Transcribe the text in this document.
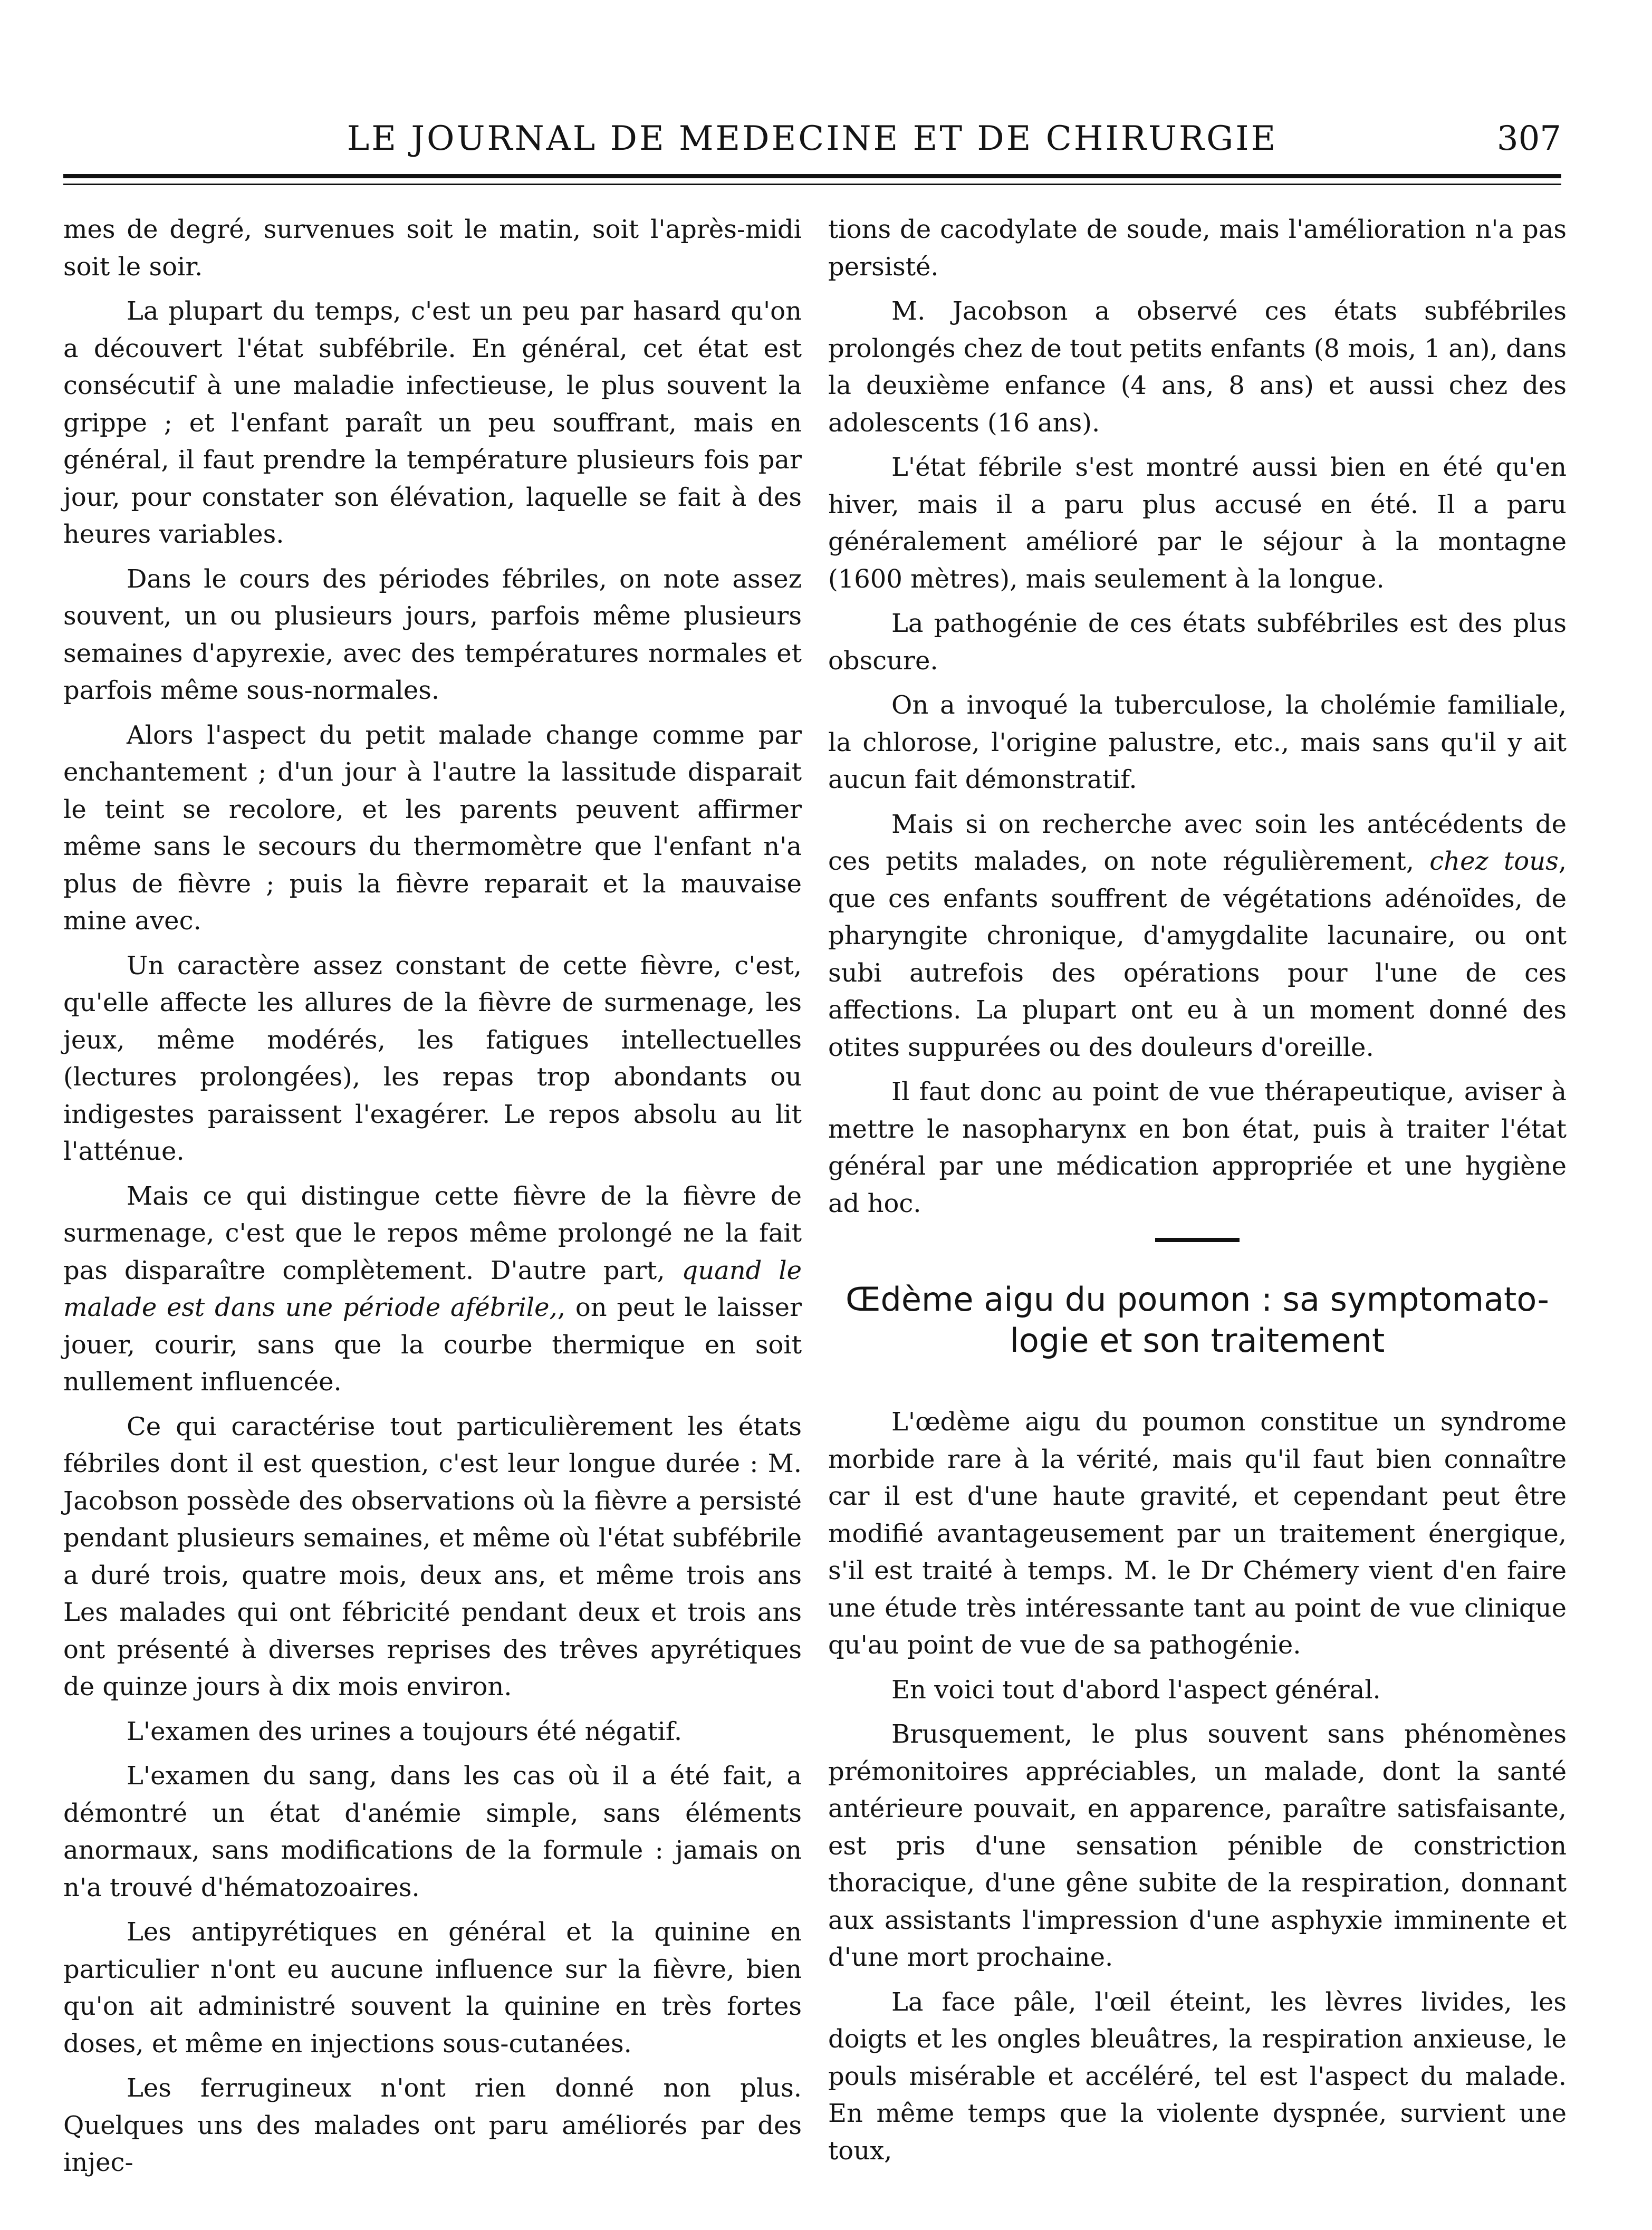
LE JOURNAL DE MEDECINE ET DE CHIRURGIE	307

mes de degré, survenues soit le matin, soit l'après-midi soit le soir.

La plupart du temps, c'est un peu par hasard qu'on a découvert l'état subfébrile. En général, cet état est consécutif à une maladie infectieuse, le plus souvent la grippe ; et l'enfant paraît un peu souffrant, mais en général, il faut prendre la température plusieurs fois par jour, pour constater son élévation, laquelle se fait à des heures variables.

Dans le cours des périodes fébriles, on note assez souvent, un ou plusieurs jours, parfois même plusieurs semaines d'apyrexie, avec des températures normales et parfois même sous-normales.

Alors l'aspect du petit malade change comme par enchantement ; d'un jour à l'autre la lassitude disparait le teint se recolore, et les parents peuvent affirmer même sans le secours du thermomètre que l'enfant n'a plus de fièvre ; puis la fièvre reparait et la mauvaise mine avec.

Un caractère assez constant de cette fièvre, c'est, qu'elle affecte les allures de la fièvre de surmenage, les jeux, même modérés, les fatigues intellectuelles (lectures prolongées), les repas trop abondants ou indigestes paraissent l'exagérer. Le repos absolu au lit l'atténue.

Mais ce qui distingue cette fièvre de la fièvre de surmenage, c'est que le repos même prolongé ne la fait pas disparaître complètement. D'autre part, quand le malade est dans une période afébrile,, on peut le laisser jouer, courir, sans que la courbe thermique en soit nullement influencée.

Ce qui caractérise tout particulièrement les états fébriles dont il est question, c'est leur longue durée : M. Jacobson possède des observations où la fièvre a persisté pendant plusieurs semaines, et même où l'état subfébrile a duré trois, quatre mois, deux ans, et même trois ans Les malades qui ont fébricité pendant deux et trois ans ont présenté à diverses reprises des trêves apyrétiques de quinze jours à dix mois environ.

L'examen des urines a toujours été négatif.

L'examen du sang, dans les cas où il a été fait, a démontré un état d'anémie simple, sans éléments anormaux, sans modifications de la formule : jamais on n'a trouvé d'hématozoaires.

Les antipyrétiques en général et la quinine en particulier n'ont eu aucune influence sur la fièvre, bien qu'on ait administré souvent la quinine en très fortes doses, et même en injections sous-cutanées.

Les ferrugineux n'ont rien donné non plus. Quelques uns des malades ont paru améliorés par des injec-

tions de cacodylate de soude, mais l'amélioration n'a pas persisté.

M. Jacobson a observé ces états subfébriles prolongés chez de tout petits enfants (8 mois, 1 an), dans la deuxième enfance (4 ans, 8 ans) et aussi chez des adolescents (16 ans).

L'état fébrile s'est montré aussi bien en été qu'en hiver, mais il a paru plus accusé en été. Il a paru généralement amélioré par le séjour à la montagne (1600 mètres), mais seulement à la longue.

La pathogénie de ces états subfébriles est des plus obscure.

On a invoqué la tuberculose, la cholémie familiale, la chlorose, l'origine palustre, etc., mais sans qu'il y ait aucun fait démonstratif.

Mais si on recherche avec soin les antécédents de ces petits malades, on note régulièrement, chez tous, que ces enfants souffrent de végétations adénoïdes, de pharyngite chronique, d'amygdalite lacunaire, ou ont subi autrefois des opérations pour l'une de ces affections. La plupart ont eu à un moment donné des otites suppurées ou des douleurs d'oreille.

Il faut donc au point de vue thérapeutique, aviser à mettre le nasopharynx en bon état, puis à traiter l'état général par une médication appropriée et une hygiène ad hoc.

Œdème aigu du poumon : sa symptomato-
logie et son traitement

L'œdème aigu du poumon constitue un syndrome morbide rare à la vérité, mais qu'il faut bien connaître car il est d'une haute gravité, et cependant peut être modifié avantageusement par un traitement énergique, s'il est traité à temps. M. le Dr Chémery vient d'en faire une étude très intéressante tant au point de vue clinique qu'au point de vue de sa pathogénie.

En voici tout d'abord l'aspect général.

Brusquement, le plus souvent sans phénomènes prémonitoires appréciables, un malade, dont la santé antérieure pouvait, en apparence, paraître satisfaisante, est pris d'une sensation pénible de constriction thoracique, d'une gêne subite de la respiration, donnant aux assistants l'impression d'une asphyxie imminente et d'une mort prochaine.

La face pâle, l'œil éteint, les lèvres livides, les doigts et les ongles bleuâtres, la respiration anxieuse, le pouls misérable et accéléré, tel est l'aspect du malade. En même temps que la violente dyspnée, survient une toux,
